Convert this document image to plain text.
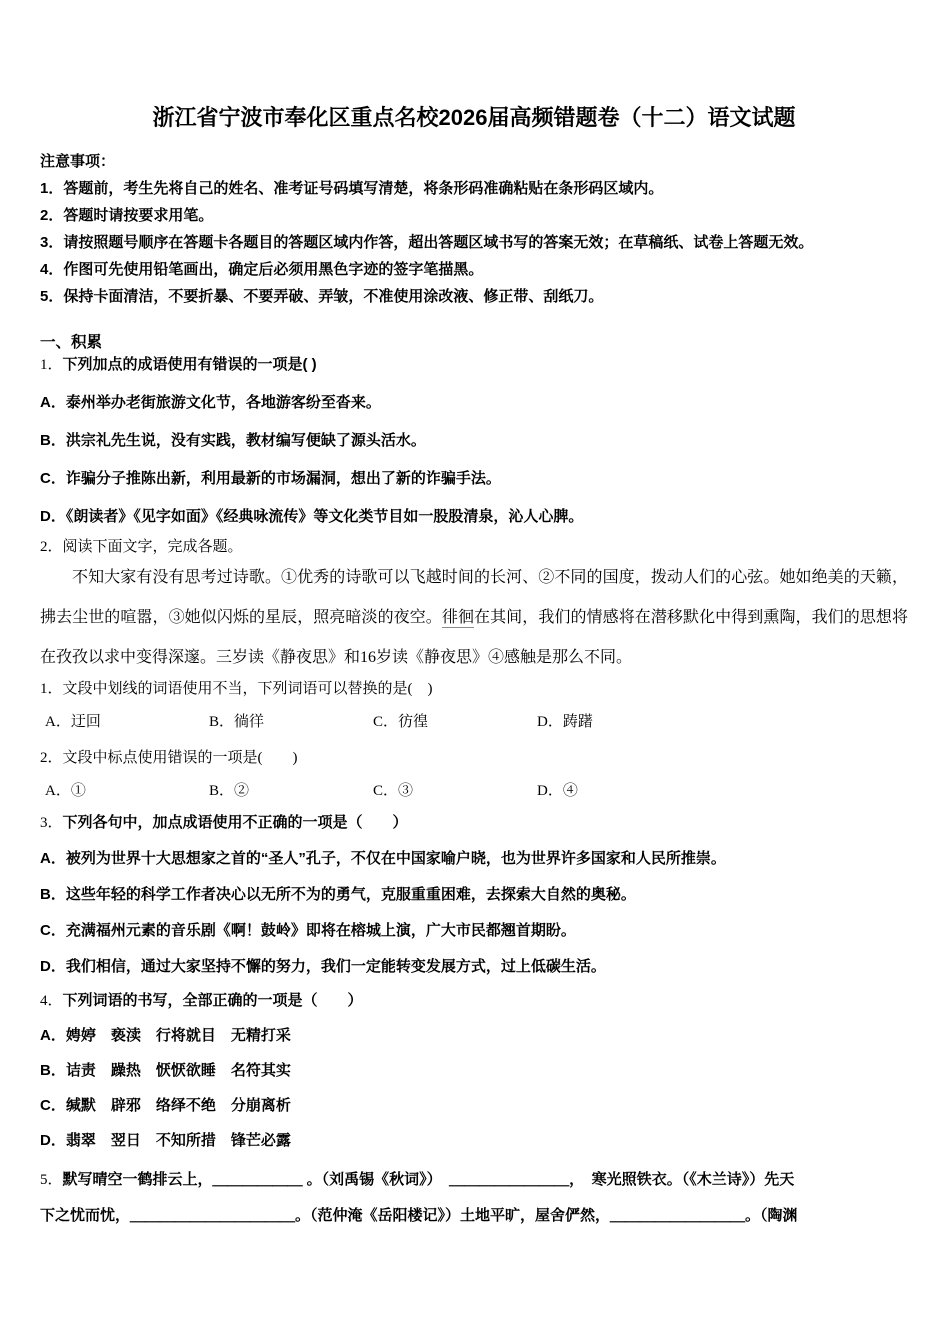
浙江省宁波市奉化区重点名校2026届高频错题卷（十二）语文试题
注意事项：
1．答题前，考生先将自己的姓名、准考证号码填写清楚，将条形码准确粘贴在条形码区域内。
2．答题时请按要求用笔。
3．请按照题号顺序在答题卡各题目的答题区域内作答，超出答题区域书写的答案无效；在草稿纸、试卷上答题无效。
4．作图可先使用铅笔画出，确定后必须用黑色字迹的签字笔描黑。
5．保持卡面清洁，不要折暴、不要弄破、弄皱，不准使用涂改液、修正带、刮纸刀。
一、积累
1．下列加点的成语使用有错误的一项是( )
A．泰州举办老街旅游文化节，各地游客纷至沓来。
B．洪宗礼先生说，没有实践，教材编写便缺了源头活水。
C．诈骗分子推陈出新，利用最新的市场漏洞，想出了新的诈骗手法。
D．《朗读者》《见字如面》《经典咏流传》等文化类节目如一股股清泉，沁人心脾。
2．阅读下面文字，完成各题。

不知大家有没有思考过诗歌。①优秀的诗歌可以飞越时间的长河、②不同的国度，拨动人们的心弦。她如绝美的天籁，拂去尘世的喧嚣，③她似闪烁的星辰，照亮暗淡的夜空。徘徊在其间，我们的情感将在潜移默化中得到熏陶，我们的思想将在孜孜以求中变得深邃。三岁读《静夜思》和16岁读《静夜思》④感触是那么不同。

1．文段中划线的词语使用不当，下列词语可以替换的是(　)
A．迂回	B．徜徉	C．彷徨	D．踌躇
2．文段中标点使用错误的一项是(　　)
A．①	B．②	C．③	D．④
3．下列各句中，加点成语使用不正确的一项是（　　）
A．被列为世界十大思想家之首的“圣人”孔子，不仅在中国家喻户晓，也为世界许多国家和人民所推崇。
B．这些年轻的科学工作者决心以无所不为的勇气，克服重重困难，去探索大自然的奥秘。
C．充满福州元素的音乐剧《啊！鼓岭》即将在榕城上演，广大市民都翘首期盼。
D．我们相信，通过大家坚持不懈的努力，我们一定能转变发展方式，过上低碳生活。
4．下列词语的书写，全部正确的一项是（　　）
A．娉婷　亵渎　行将就目　无精打采
B．诘责　躁热　恹恹欲睡　名符其实
C．缄默　辟邪　络绎不绝　分崩离析
D．翡翠　翌日　不知所措　锋芒必露
5．默写晴空一鹤排云上，＿＿＿＿＿＿ 。（刘禹锡《秋词》）　＿＿＿＿＿＿＿＿，　寒光照铁衣。（《木兰诗》）先天
下之忧而忧，＿＿＿＿＿＿＿＿＿＿＿。（范仲淹《岳阳楼记》）土地平旷，屋舍俨然，＿＿＿＿＿＿＿＿＿。（陶渊
